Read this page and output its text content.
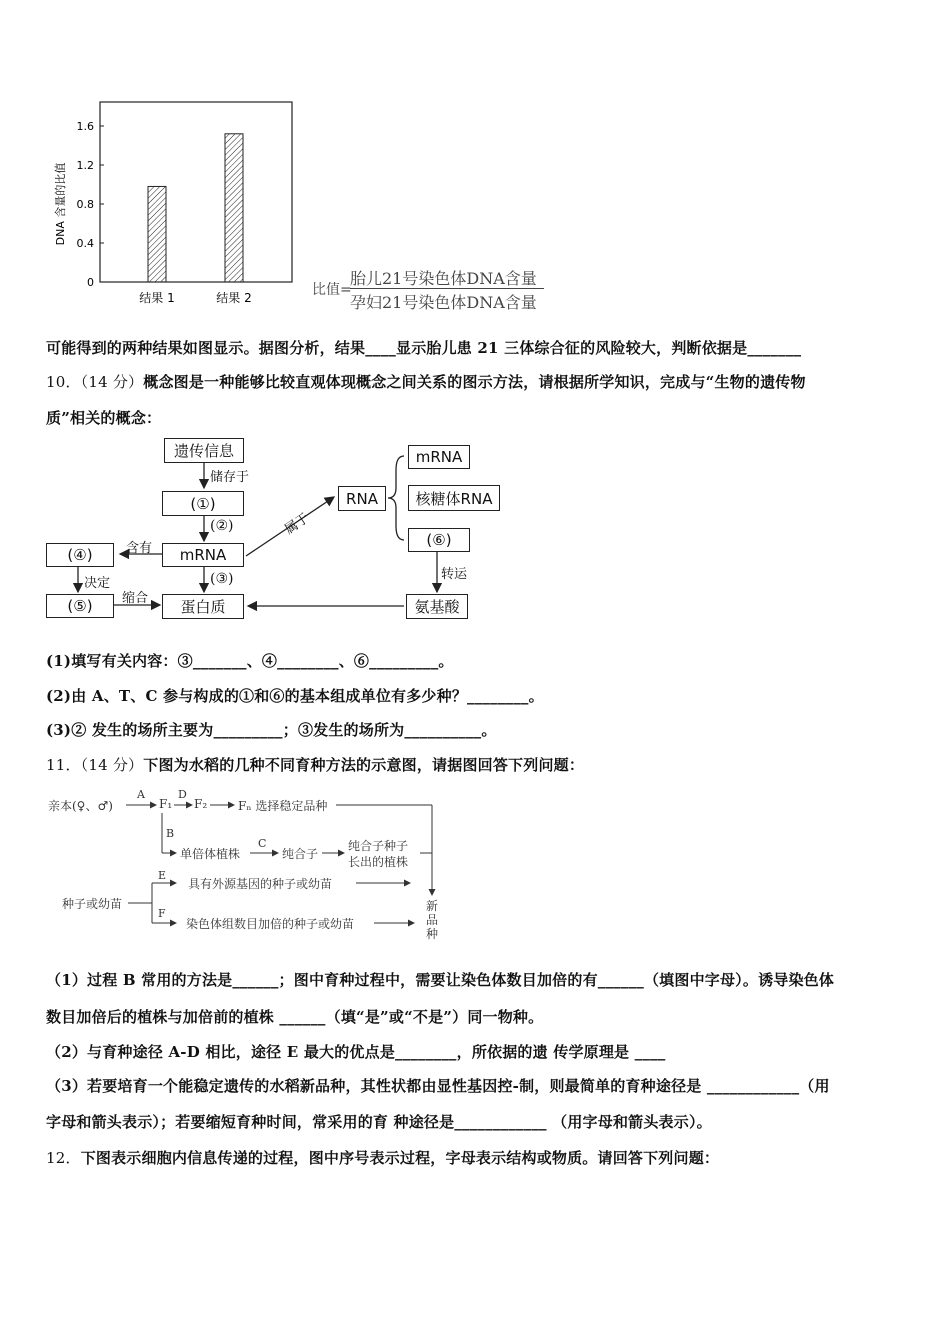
0
0.4
0.8
1.2
1.6
结果 1	结果 2
DNA 含量的比值
比值=
胎儿21号染色体DNA含量
孕妇21号染色体DNA含量
可能得到的两种结果如图显示。据图分析，结果____显示胎儿患 21 三体综合征的风险较大，判断依据是_______
10．（14 分）概念图是一种能够比较直观体现概念之间关系的图示方法，请根据所学知识，完成与“生物的遗传物
质”相关的概念：
遗传信息
储存于
(①)
(②)
mRNA
含有
(④)
决定
(⑤)
(③)
缩合	蛋白质
属于
RNA
mRNA
核糖体RNA
(⑥)
转运
氨基酸
(1)填写有关内容：③_______、④________、⑥_________。
(2)由 A、T、C 参与构成的①和⑥的基本组成单位有多少种？________。
(3)② 发生的场所主要为_________；③发生的场所为__________。
11．（14 分）下图为水稻的几种不同育种方法的示意图，请据图回答下列问题：
亲本(♀、♂)
A
F₁
D
F₂	Fₙ 选择稳定品种
B
单倍体植株
C
纯合子
纯合子种子
长出的植株
种子或幼苗
E
具有外源基因的种子或幼苗
F
染色体组数目加倍的种子或幼苗
新
品
种
（1）过程 B 常用的方法是______；图中育种过程中，需要让染色体数目加倍的有______（填图中字母）。诱导染色体
数目加倍后的植株与加倍前的植株 ______（填“是”或“不是”）同一物种。
（2）与育种途径 A-D 相比，途径 E 最大的优点是________，所依据的遗 传学原理是 ____
（3）若要培育一个能稳定遗传的水稻新品种，其性状都由显性基因控-制，则最简单的育种途径是 ____________（用
字母和箭头表示）；若要缩短育种时间，常采用的育 种途径是____________ （用字母和箭头表示）。
12．下图表示细胞内信息传递的过程，图中序号表示过程，字母表示结构或物质。请回答下列问题：
